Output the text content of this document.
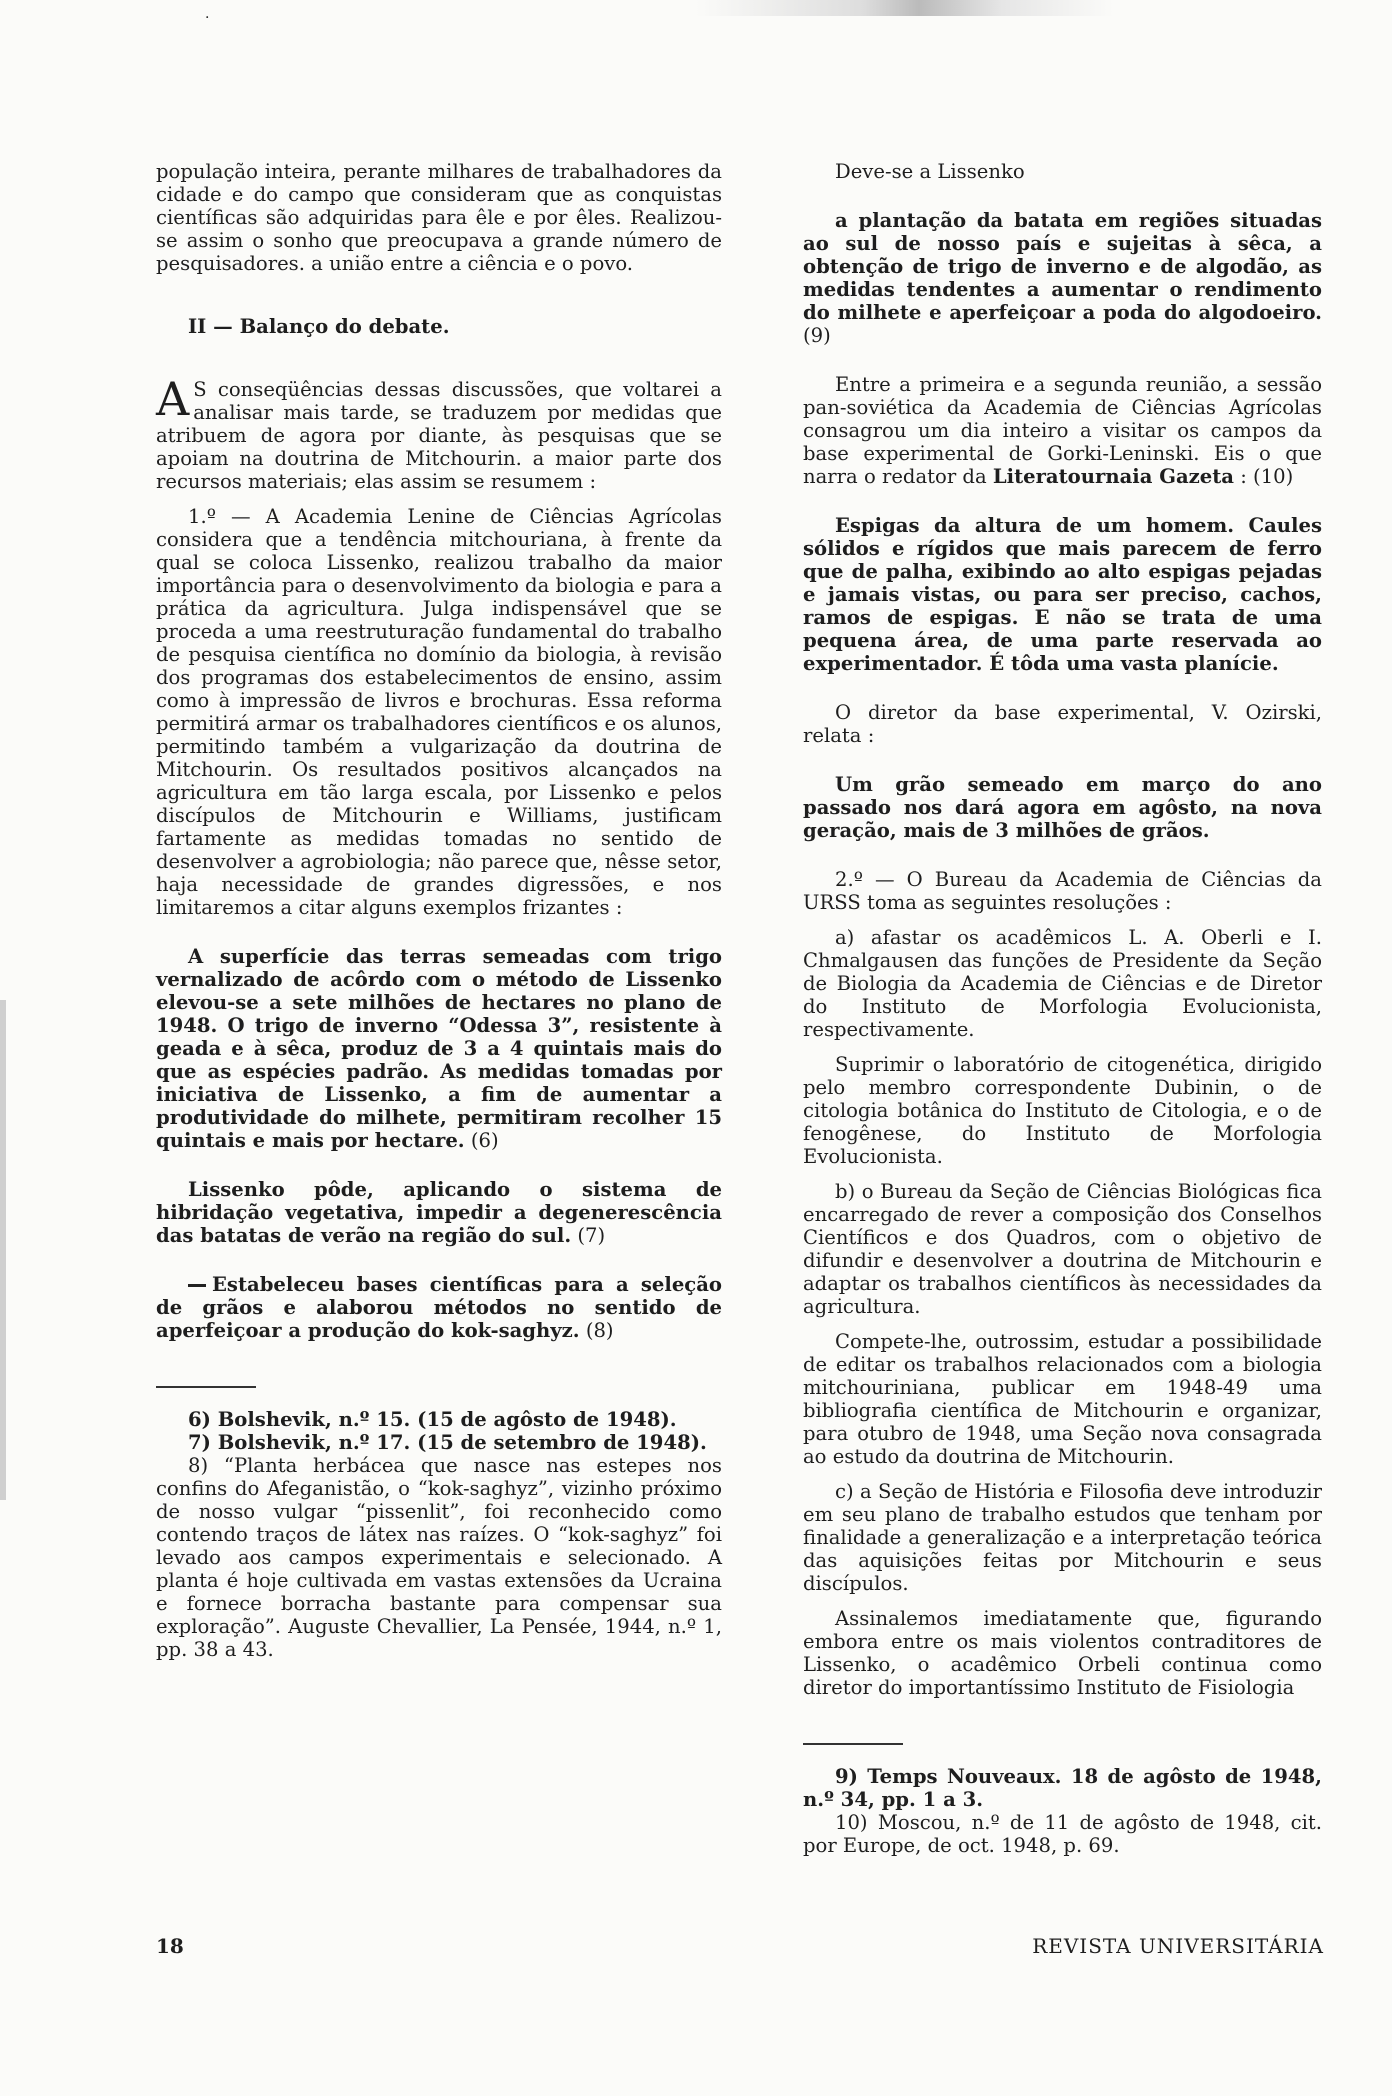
·

população inteira, perante milhares de trabalhadores da cidade e do campo que consideram que as conquistas científicas são adquiridas para êle e por êles. Realizou-se assim o sonho que preocupava a grande número de pesquisadores. a união entre a ciência e o povo.

II — Balanço do debate.

A S conseqüências dessas discussões, que voltarei a analisar mais tarde, se traduzem por medidas que atribuem de agora por diante, às pesquisas que se apoiam na doutrina de Mitchourin. a maior parte dos recursos materiais; elas assim se resumem :

1.º — A Academia Lenine de Ciências Agrícolas considera que a tendência mitchouriana, à frente da qual se coloca Lissenko, realizou trabalho da maior importância para o desenvolvimento da biologia e para a prática da agricultura. Julga indispensável que se proceda a uma reestruturação fundamental do trabalho de pesquisa científica no domínio da biologia, à revisão dos programas dos estabelecimentos de ensino, assim como à impressão de livros e brochuras. Essa reforma permitirá armar os trabalhadores científicos e os alunos, permitindo também a vulgarização da doutrina de Mitchourin. Os resultados positivos alcançados na agricultura em tão larga escala, por Lissenko e pelos discípulos de Mitchourin e Williams, justificam fartamente as medidas tomadas no sentido de desenvolver a agrobiologia; não parece que, nêsse setor, haja necessidade de grandes digressões, e nos limitaremos a citar alguns exemplos frizantes :

A superfície das terras semeadas com trigo vernalizado de acôrdo com o método de Lissenko elevou-se a sete milhões de hectares no plano de 1948. O trigo de inverno “Odessa 3”, resistente à geada e à sêca, produz de 3 a 4 quintais mais do que as espécies padrão. As medidas tomadas por iniciativa de Lissenko, a fim de aumentar a produtividade do milhete, permitiram recolher 15 quintais e mais por hectare. (6)

Lissenko pôde, aplicando o sistema de hibridação vegetativa, impedir a degenerescência das batatas de verão na região do sul. (7)

Estabeleceu bases científicas para a seleção de grãos e alaborou métodos no sentido de aperfeiçoar a produção do kok-saghyz. (8)

6) Bolshevik, n.º 15. (15 de agôsto de 1948).

7) Bolshevik, n.º 17. (15 de setembro de 1948).

8) “Planta herbácea que nasce nas estepes nos confins do Afeganistão, o “kok-saghyz”, vizinho próximo de nosso vulgar “pissenlit”, foi reconhecido como contendo traços de látex nas raízes. O “kok-saghyz” foi levado aos campos experimentais e selecionado. A planta é hoje cultivada em vastas extensões da Ucraina e fornece borracha bastante para compensar sua exploração”. Auguste Chevallier, La Pensée, 1944, n.º 1, pp. 38 a 43.

Deve-se a Lissenko

a plantação da batata em regiões situadas ao sul de nosso país e sujeitas à sêca, a obtenção de trigo de inverno e de algodão, as medidas tendentes a aumentar o rendimento do milhete e aperfeiçoar a poda do algodoeiro. (9)

Entre a primeira e a segunda reunião, a sessão pan-soviética da Academia de Ciências Agrícolas consagrou um dia inteiro a visitar os campos da base experimental de Gorki-Leninski. Eis o que narra o redator da Literatournaia Gazeta : (10)

Espigas da altura de um homem. Caules sólidos e rígidos que mais parecem de ferro que de palha, exibindo ao alto espigas pejadas e jamais vistas, ou para ser preciso, cachos, ramos de espigas. E não se trata de uma pequena área, de uma parte reservada ao experimentador. É tôda uma vasta planície.

O diretor da base experimental, V. Ozirski, relata :

Um grão semeado em março do ano passado nos dará agora em agôsto, na nova geração, mais de 3 milhões de grãos.

2.º — O Bureau da Academia de Ciências da URSS toma as seguintes resoluções :

a) afastar os acadêmicos L. A. Oberli e I. Chmalgausen das funções de Presidente da Seção de Biologia da Academia de Ciências e de Diretor do Instituto de Morfologia Evolucionista, respectivamente.

Suprimir o laboratório de citogenética, dirigido pelo membro correspondente Dubinin, o de citologia botânica do Instituto de Citologia, e o de fenogênese, do Instituto de Morfologia Evolucionista.

b) o Bureau da Seção de Ciências Biológicas fica encarregado de rever a composição dos Conselhos Científicos e dos Quadros, com o objetivo de difundir e desenvolver a doutrina de Mitchourin e adaptar os trabalhos científicos às necessidades da agricultura.

Compete-lhe, outrossim, estudar a possibilidade de editar os trabalhos relacionados com a biologia mitchouriniana, publicar em 1948-49 uma bibliografia científica de Mitchourin e organizar, para otubro de 1948, uma Seção nova consagrada ao estudo da doutrina de Mitchourin.

c) a Seção de História e Filosofia deve introduzir em seu plano de trabalho estudos que tenham por finalidade a generalização e a interpretação teórica das aquisições feitas por Mitchourin e seus discípulos.

Assinalemos imediatamente que, figurando embora entre os mais violentos contraditores de Lissenko, o acadêmico Orbeli continua como diretor do importantíssimo Instituto de Fisiologia

9) Temps Nouveaux. 18 de agôsto de 1948, n.º 34, pp. 1 a 3.

10) Moscou, n.º de 11 de agôsto de 1948, cit. por Europe, de oct. 1948, p. 69.

18	REVISTA UNIVERSITÁRIA
